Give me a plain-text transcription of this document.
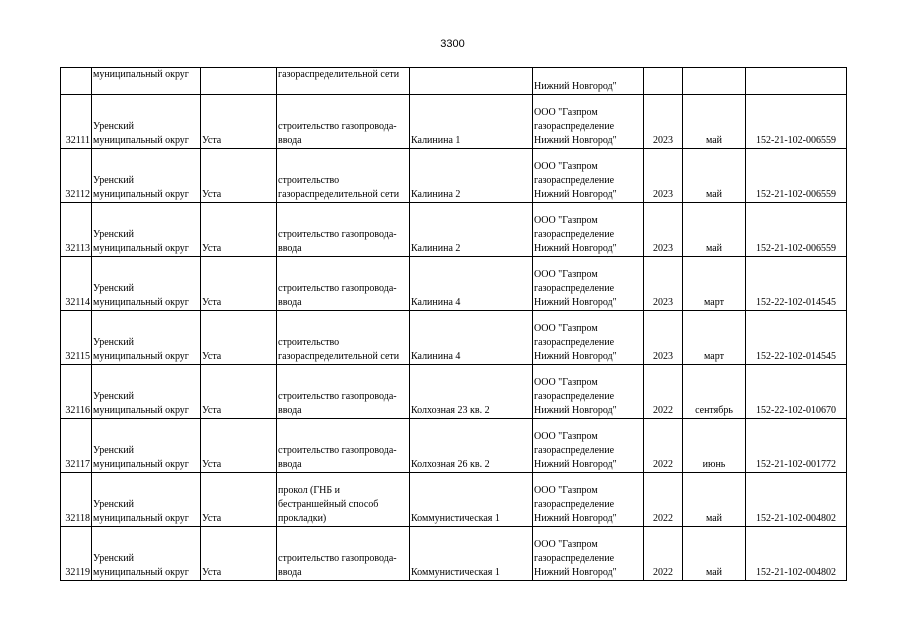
3300
	муниципальный округ		газораспределительной сети		Нижний Новгород"			
32111	Уренский
муниципальный округ	Уста	строительство газопровода-
ввода	Калинина 1	ООО "Газпром
газораспределение
Нижний Новгород"	2023	май	152-21-102-006559
32112	Уренский
муниципальный округ	Уста	строительство
газораспределительной сети	Калинина 2	ООО "Газпром
газораспределение
Нижний Новгород"	2023	май	152-21-102-006559
32113	Уренский
муниципальный округ	Уста	строительство газопровода-
ввода	Калинина 2	ООО "Газпром
газораспределение
Нижний Новгород"	2023	май	152-21-102-006559
32114	Уренский
муниципальный округ	Уста	строительство газопровода-
ввода	Калинина 4	ООО "Газпром
газораспределение
Нижний Новгород"	2023	март	152-22-102-014545
32115	Уренский
муниципальный округ	Уста	строительство
газораспределительной сети	Калинина 4	ООО "Газпром
газораспределение
Нижний Новгород"	2023	март	152-22-102-014545
32116	Уренский
муниципальный округ	Уста	строительство газопровода-
ввода	Колхозная 23 кв. 2	ООО "Газпром
газораспределение
Нижний Новгород"	2022	сентябрь	152-22-102-010670
32117	Уренский
муниципальный округ	Уста	строительство газопровода-
ввода	Колхозная 26 кв. 2	ООО "Газпром
газораспределение
Нижний Новгород"	2022	июнь	152-21-102-001772
32118	Уренский
муниципальный округ	Уста	прокол (ГНБ и
бестраншейный способ
прокладки)	Коммунистическая 1	ООО "Газпром
газораспределение
Нижний Новгород"	2022	май	152-21-102-004802
32119	Уренский
муниципальный округ	Уста	строительство газопровода-
ввода	Коммунистическая 1	ООО "Газпром
газораспределение
Нижний Новгород"	2022	май	152-21-102-004802
